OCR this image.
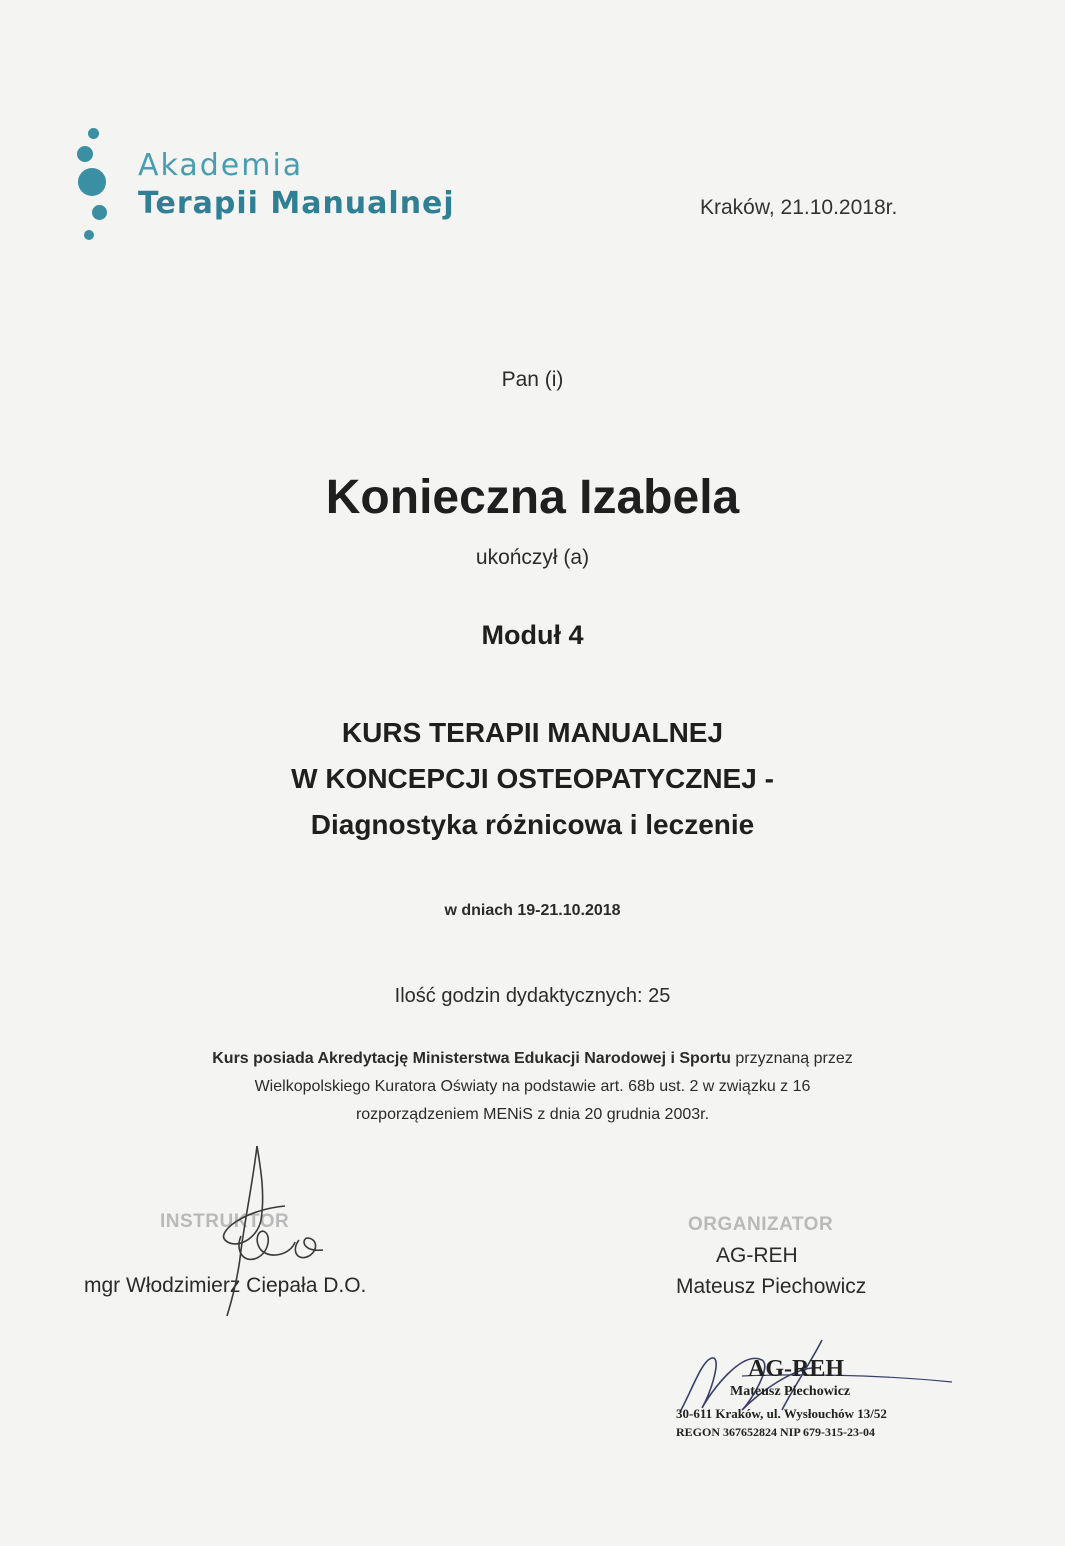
Akademia
Terapii Manualnej	Kraków, 21.10.2018r.
Pan (i)
Konieczna Izabela
ukończył (a)
Moduł 4
KURS TERAPII MANUALNEJ
W KONCEPCJI OSTEOPATYCZNEJ -
Diagnostyka różnicowa i leczenie
w dniach 19-21.10.2018
Ilość godzin dydaktycznych: 25
Kurs posiada Akredytację Ministerstwa Edukacji Narodowej i Sportu przyznaną przez
Wielkopolskiego Kuratora Oświaty na podstawie art. 68b ust. 2 w związku z 16
rozporządzeniem MENiS z dnia 20 grudnia 2003r.
INSTRUKTOR
mgr Włodzimierz Ciepała D.O.
ORGANIZATOR
AG-REH
Mateusz Piechowicz
AG-REH
Mateusz Piechowicz
30-611 Kraków, ul. Wysłouchów 13/52
REGON 367652824 NIP 679-315-23-04
